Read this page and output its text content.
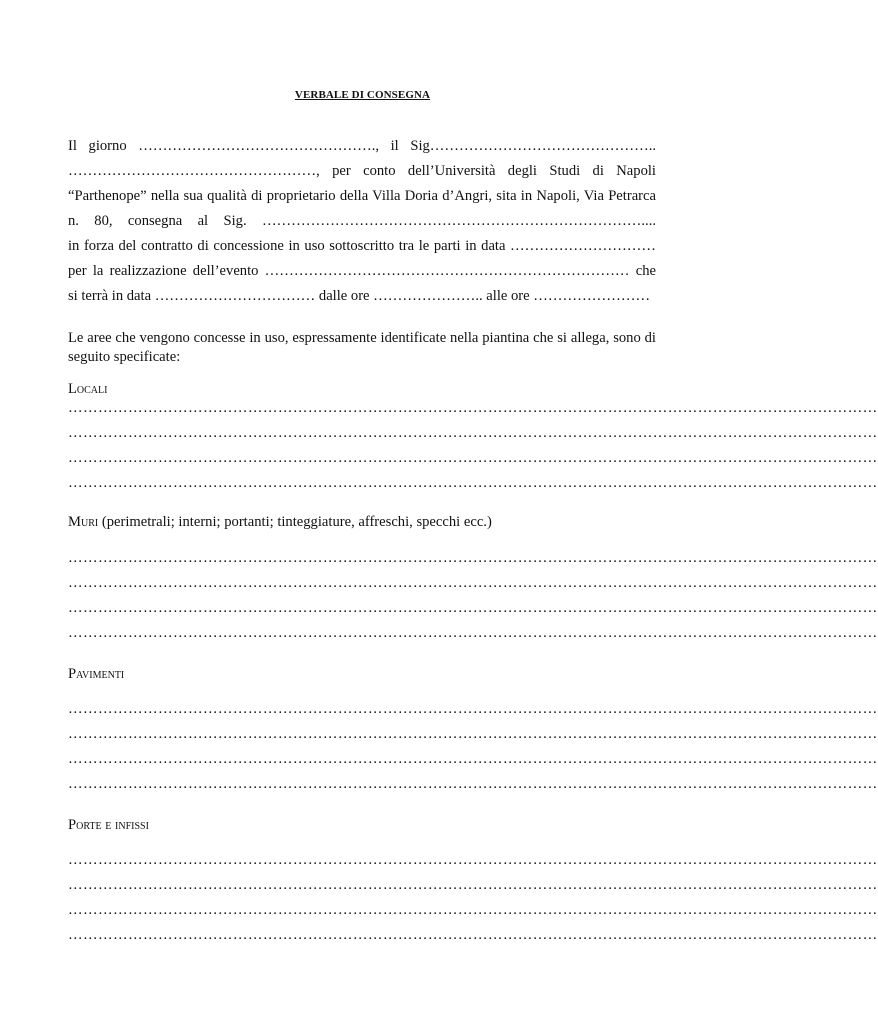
VERBALE DI CONSEGNA
Il giorno …………………………………………., il Sig………………………………………..
……………………………………………, per conto dell’Università degli Studi di Napoli
“Parthenope” nella sua qualità di proprietario della Villa Doria d’Angri, sita in Napoli, Via Petrarca
n. 80, consegna al Sig. ……………………………………………………………………....
in forza del contratto di concessione in uso sottoscritto tra le parti in data …………………………
per la realizzazione dell’evento ………………………………………………………………… che
si terrà in data …………………………… dalle ore ………………….. alle ore ……………………
Le aree che vengono concesse in uso, espressamente identificate nella piantina che si allega, sono di seguito specificate:
Locali
………………………………………………………………………………………………………………………………………………
………………………………………………………………………………………………………………………………………………
………………………………………………………………………………………………………………………………………………
………………………………………………………………………………………………………………………………………………
Muri (perimetrali; interni; portanti; tinteggiature, affreschi, specchi ecc.)
………………………………………………………………………………………………………………………………………………
………………………………………………………………………………………………………………………………………………
………………………………………………………………………………………………………………………………………………
………………………………………………………………………………………………………………………………………………
Pavimenti
………………………………………………………………………………………………………………………………………………
………………………………………………………………………………………………………………………………………………
………………………………………………………………………………………………………………………………………………
………………………………………………………………………………………………………………………………………………
Porte e infissi
………………………………………………………………………………………………………………………………………………
………………………………………………………………………………………………………………………………………………
………………………………………………………………………………………………………………………………………………
………………………………………………………………………………………………………………………………………………
